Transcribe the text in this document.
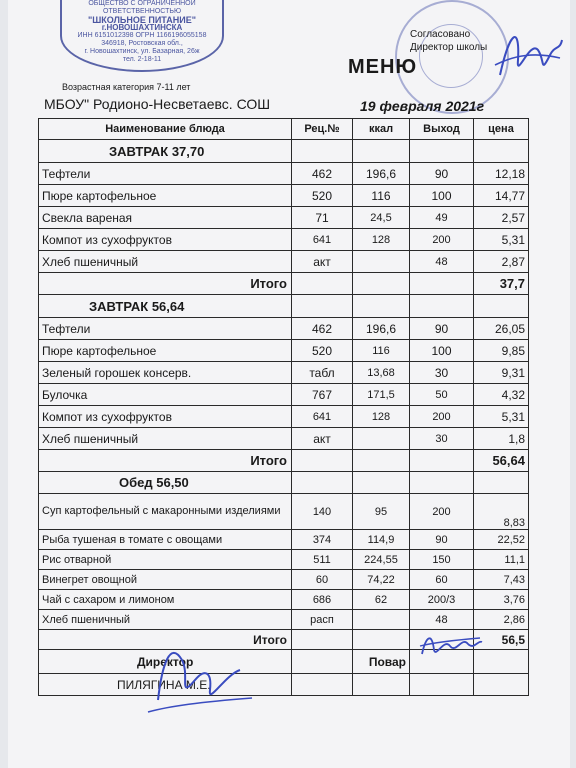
ОБЩЕСТВО С ОГРАНИЧЕННОЙ
ОТВЕТСТВЕННОСТЬЮ
"ШКОЛЬНОЕ ПИТАНИЕ"
г.НОВОШАХТИНСКА
ИНН 6151012398 ОГРН 1166196055158
346918, Ростовская обл.,
г. Новошахтинск, ул. Базарная, 26ж
тел. 2-18-11
Согласовано
Директор школы
МЕНЮ
Возрастная категория 7-11 лет
МБОУ" Родионо-Несветаевс. СОШ	19 февраля 2021г
Наименование блюда	Рец.№	ккал	Выход	цена
ЗАВТРАК 37,70				
Тефтели	462	196,6	90	12,18
Пюре картофельное	520	116	100	14,77
Свекла вареная	71	24,5	49	2,57
Компот из сухофруктов	641	128	200	5,31
Хлеб пшеничный	акт		48	2,87
Итого				37,7
ЗАВТРАК 56,64				
Тефтели	462	196,6	90	26,05
Пюре картофельное	520	116	100	9,85
Зеленый горошек консерв.	табл	13,68	30	9,31
Булочка	767	171,5	50	4,32
Компот из сухофруктов	641	128	200	5,31
Хлеб пшеничный	акт		30	1,8
Итого				56,64
Обед 56,50				
Суп картофельный с макаронными изделиями	140	95	200	8,83
Рыба тушеная в томате с овощами	374	114,9	90	22,52
Рис отварной	511	224,55	150	11,1
Винегрет овощной	60	74,22	60	7,43
Чай с сахаром и лимоном	686	62	200/3	3,76
Хлеб пшеничный	расп		48	2,86
Итого				56,5
Директор		Повар		
ПИЛЯГИНА М.Е.				
